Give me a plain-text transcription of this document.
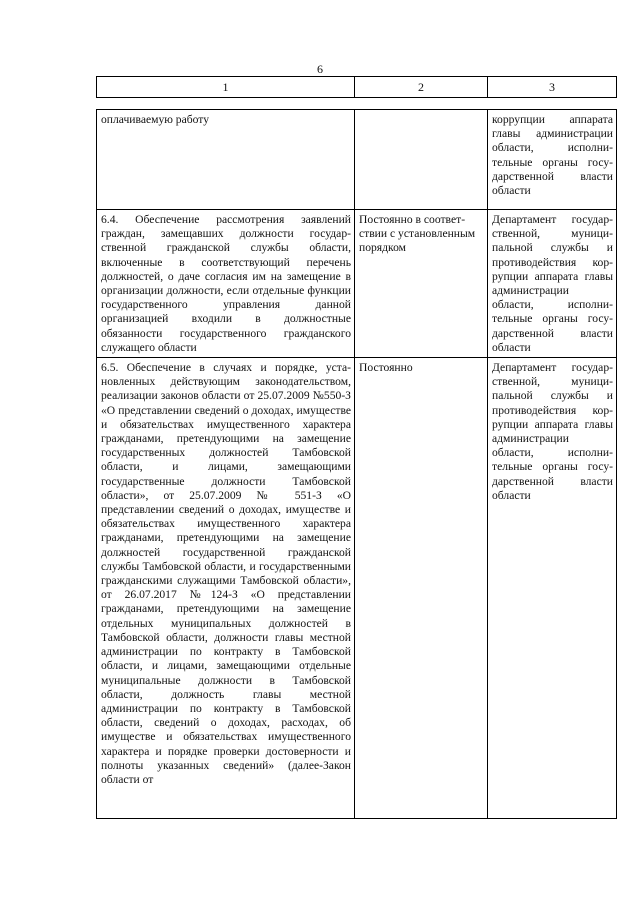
6
1	2	3
оплачиваемую работу		коррупции аппарата главы администрации области, исполнительные органы государственной власти области
6.4. Обеспечение рассмотрения заявлений граждан, замещавших должности государственной гражданской службы области, включенные в соответствующий перечень должностей, о даче согласия им на замещение в организации должности, если отдельные функции государственного управления данной организацией входили в должностные обязанности государственного гражданского служащего области	Постоянно в соответствии с установленным порядком	Департамент государственной, муниципальной службы и противодействия коррупции аппарата главы администрации области, исполнительные органы государственной власти области
6.5. Обеспечение в случаях и порядке, установленных действующим законодательством, реализации законов области от 25.07.2009 №550-З «О представлении сведений о доходах, имуществе и обязательствах имущественного характера гражданами, претендующими на замещение государственных должностей Тамбовской области, и лицами, замещающими государственные должности Тамбовской области», от 25.07.2009 № 551-З «О представлении сведений о доходах, имуществе и обязательствах имущественного характера гражданами, претендующими на замещение должностей государственной гражданской службы Тамбовской области, и государственными гражданскими служащими Тамбовской области», от 26.07.2017 №124-З «О представлении гражданами, претендующими на замещение отдельных муниципальных должностей в Тамбовской области, должности главы местной администрации по контракту в Тамбовской области, и лицами, замещающими отдельные муниципальные должности в Тамбовской области, должность главы местной администрации по контракту в Тамбовской области, сведений о доходах, расходах, об имуществе и обязательствах имущественного характера и порядке проверки достоверности и полноты указанных сведений» (далее-Закон области от	Постоянно	Департамент государственной, муниципальной службы и противодействия коррупции аппарата главы администрации области, исполнительные органы государственной власти области
